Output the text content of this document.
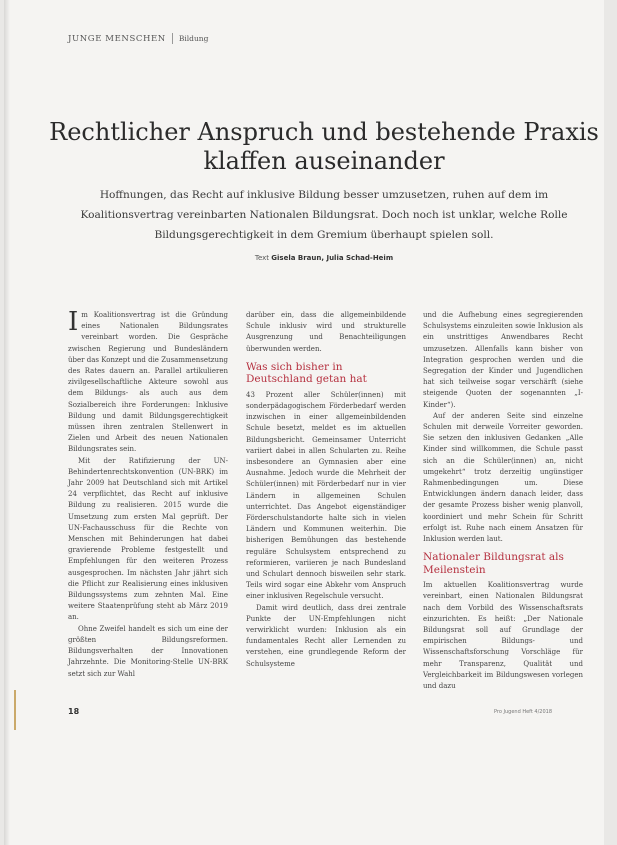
JUNGE MENSCHEN Bildung
Rechtlicher Anspruch und bestehende Praxis klaffen auseinander
Hoffnungen, das Recht auf inklusive Bildung besser umzusetzen, ruhen auf dem im Koalitionsvertrag vereinbarten Nationalen Bildungsrat. Doch noch ist unklar, welche Rolle Bildungsgerechtigkeit in dem Gremium überhaupt spielen soll.
Text Gisela Braun, Julia Schad-Heim

Im Koalitionsvertrag ist die Gründung eines Nationalen Bildungsrates vereinbart worden. Die Gespräche zwischen Regierung und Bundesländern über das Konzept und die Zusammensetzung des Rates dauern an. Parallel artikulieren zivilgesellschaftliche Akteure sowohl aus dem Bildungs- als auch aus dem Sozialbereich ihre Forderungen: Inklusive Bildung und damit Bildungsgerechtigkeit müssen ihren zentralen Stellenwert in Zielen und Arbeit des neuen Nationalen Bildungsrates sein.

Mit der Ratifizierung der UN-Behindertenrechtskonvention (UN-BRK) im Jahr 2009 hat Deutschland sich mit Artikel 24 verpflichtet, das Recht auf inklusive Bildung zu realisieren. 2015 wurde die Umsetzung zum ersten Mal geprüft. Der UN-Fachausschuss für die Rechte von Menschen mit Behinderungen hat dabei gravierende Probleme festgestellt und Empfehlungen für den weiteren Prozess ausgesprochen. Im nächsten Jahr jährt sich die Pflicht zur Realisierung eines inklusiven Bildungssystems zum zehnten Mal. Eine weitere Staatenprüfung steht ab März 2019 an.

Ohne Zweifel handelt es sich um eine der größten Bildungsreformen. Bildungsverhalten der Innovationen Jahrzehnte. Die Monitoring-Stelle UN-BRK setzt sich zur Wahl

darüber ein, dass die allgemeinbildende Schule inklusiv wird und strukturelle Ausgrenzung und Benachteiligungen überwunden werden.

Was sich bisher in Deutschland getan hat

43 Prozent aller Schüler(innen) mit sonderpädagogischem Förderbedarf werden inzwischen in einer allgemeinbildenden Schule besetzt, meldet es im aktuellen Bildungsbericht. Gemeinsamer Unterricht variiert dabei in allen Schularten zu. Reihe insbesondere an Gymnasien aber eine Ausnahme. Jedoch wurde die Mehrheit der Schüler(innen) mit Förderbedarf nur in vier Ländern in allgemeinen Schulen unterrichtet. Das Angebot eigenständiger Förderschulstandorte halte sich in vielen Ländern und Kommunen weiterhin. Die bisherigen Bemühungen das bestehende reguläre Schulsystem entsprechend zu reformieren, variieren je nach Bundesland und Schulart dennoch bisweilen sehr stark. Teils wird sogar eine Abkehr vom Anspruch einer inklusiven Regelschule versucht.

Damit wird deutlich, dass drei zentrale Punkte der UN-Empfehlungen nicht verwirklicht wurden: Inklusion als ein fundamentales Recht aller Lernenden zu verstehen, eine grundlegende Reform der Schulsysteme

und die Aufhebung eines segregierenden Schulsystems einzuleiten sowie Inklusion als ein unstrittiges Anwendbares Recht umzusetzen. Allenfalls kann bisher von Integration gesprochen werden und die Segregation der Kinder und Jugendlichen hat sich teilweise sogar verschärft (siehe steigende Quoten der sogenannten „I-Kinder“).

Auf der anderen Seite sind einzelne Schulen mit derweile Vorreiter geworden. Sie setzen den inklusiven Gedanken „Alle Kinder sind willkommen, die Schule passt sich an die Schüler(innen) an, nicht umgekehrt“ trotz derzeitig ungünstiger Rahmenbedingungen um. Diese Entwicklungen ändern danach leider, dass der gesamte Prozess bisher wenig planvoll, koordiniert und mehr Schein für Schritt erfolgt ist. Ruhe nach einem Ansatzen für Inklusion werden laut.

Nationaler Bildungsrat als Meilenstein

Im aktuellen Koalitionsvertrag wurde vereinbart, einen Nationalen Bildungsrat nach dem Vorbild des Wissenschaftsrats einzurichten. Es heißt: „Der Nationale Bildungsrat soll auf Grundlage der empirischen Bildungs- und Wissenschaftsforschung Vorschläge für mehr Transparenz, Qualität und Vergleichbarkeit im Bildungswesen vorlegen und dazu

18	Pro Jugend Heft 4/2018
